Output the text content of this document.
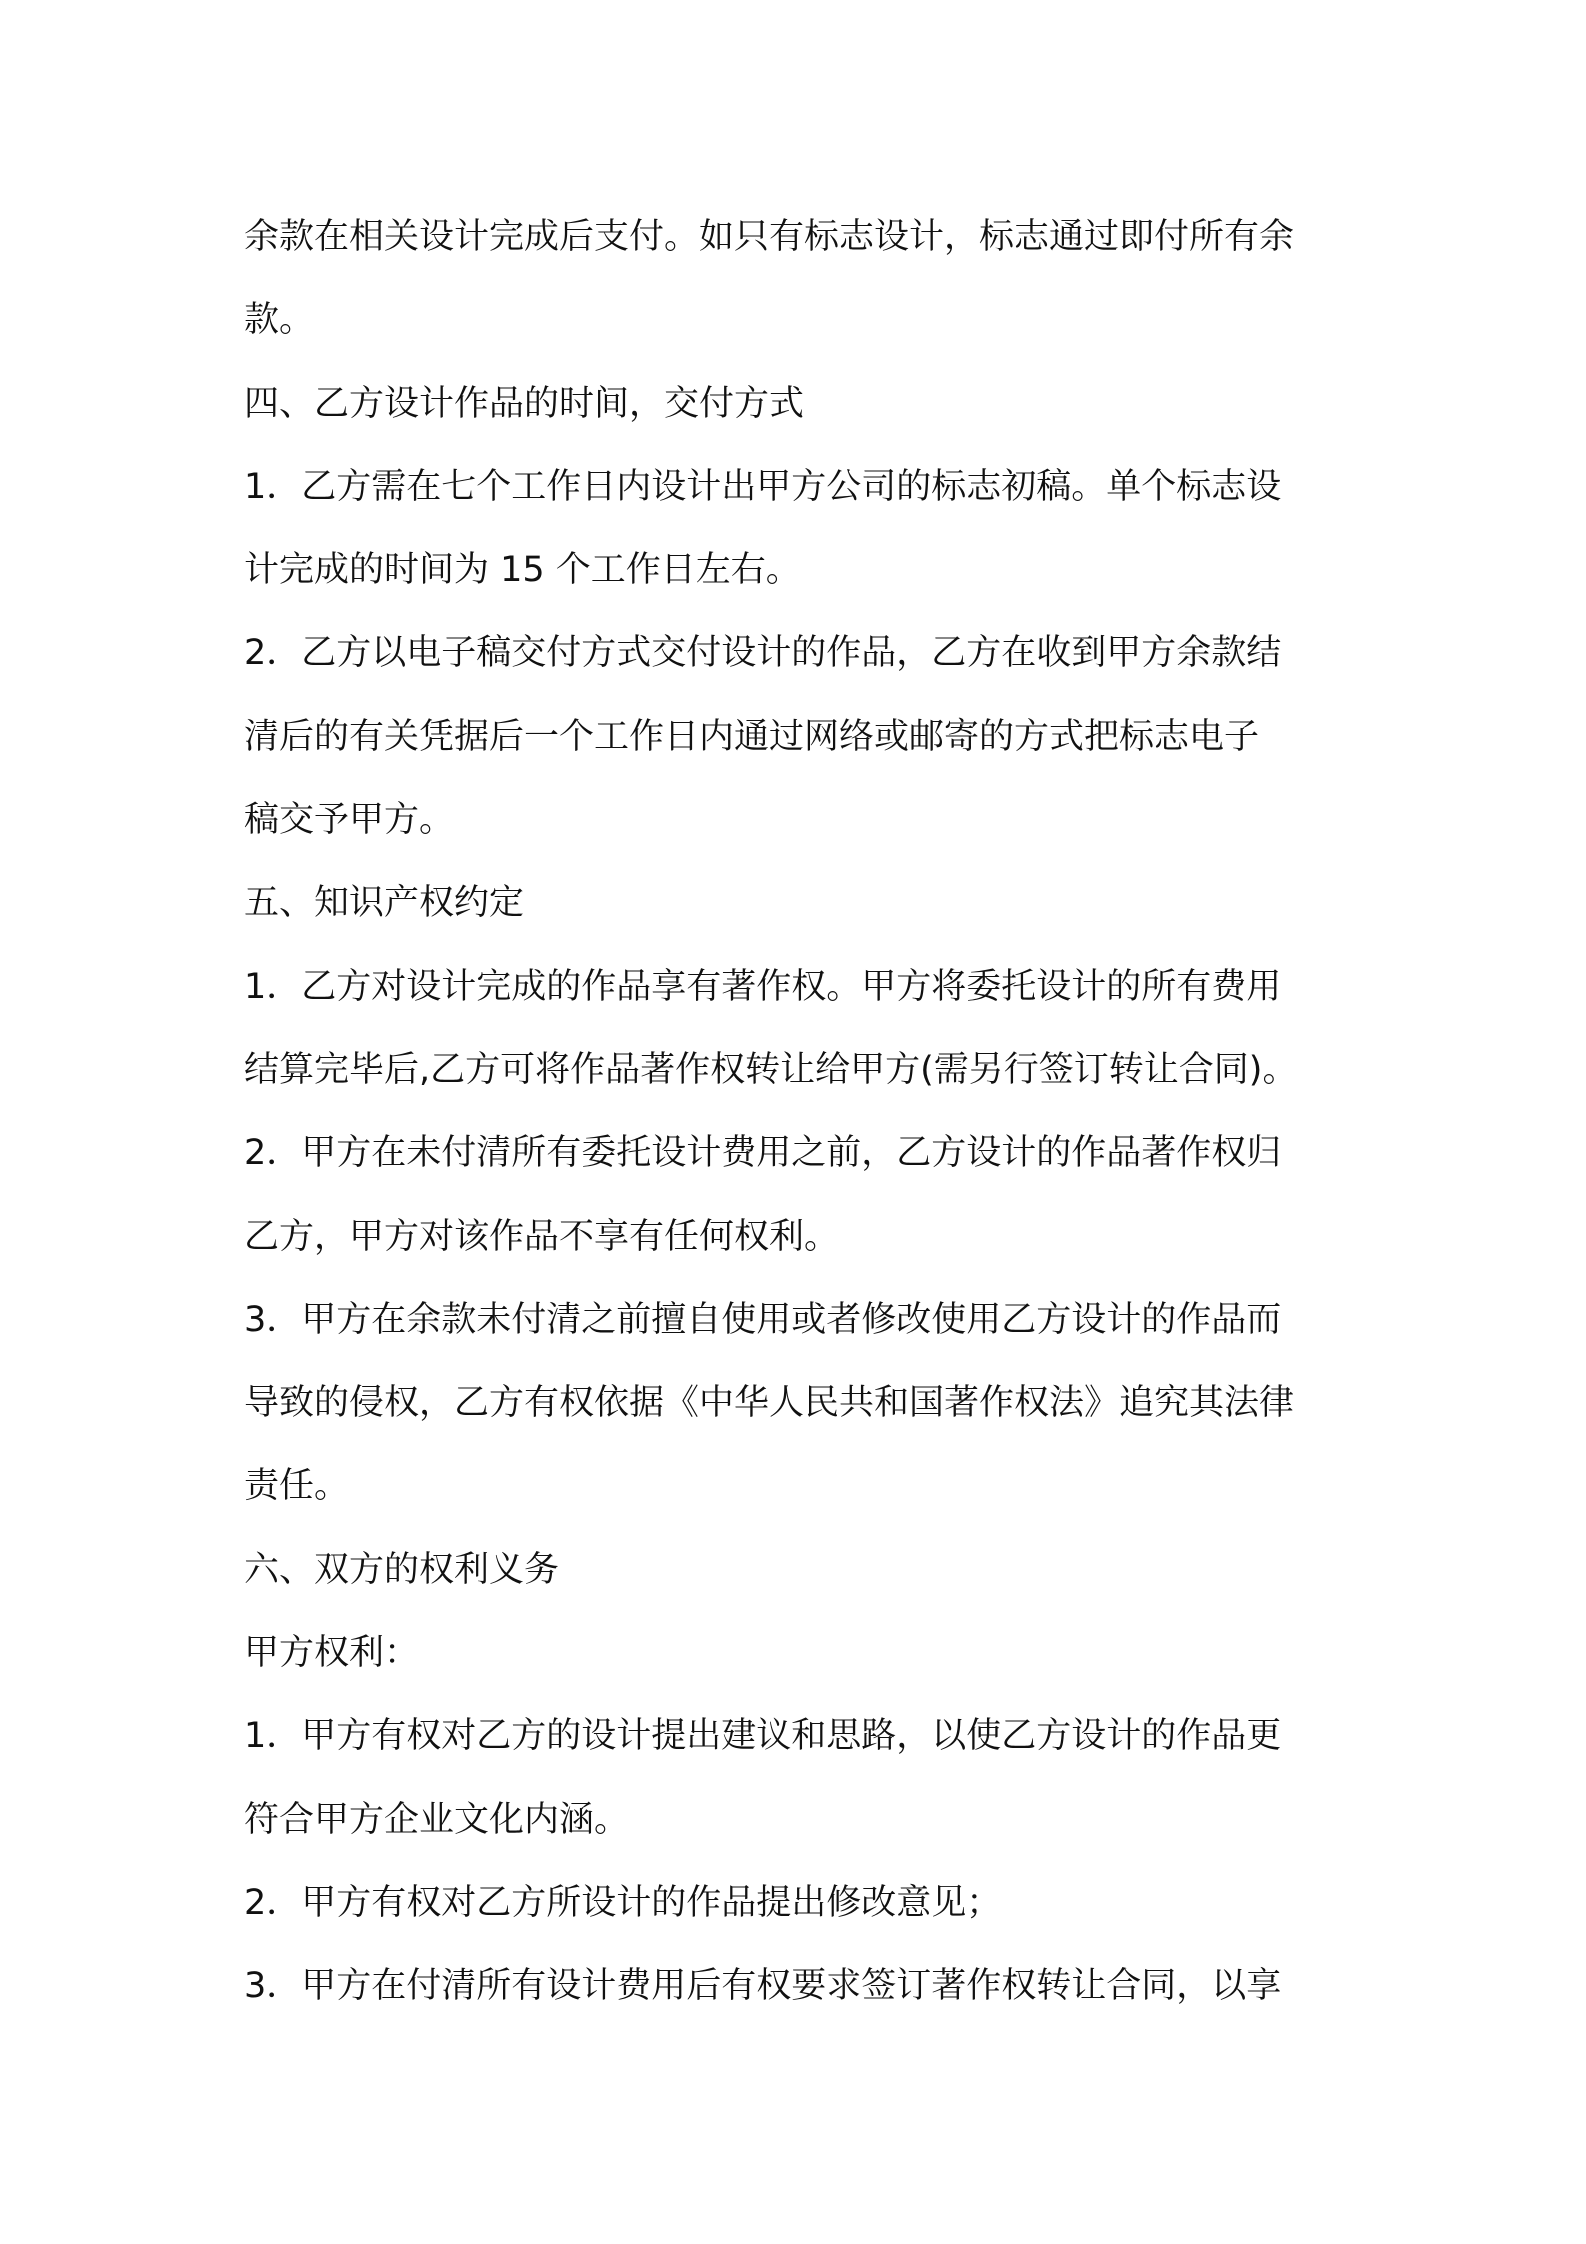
余款在相关设计完成后支付。如只有标志设计，标志通过即付所有余
款。
四、乙方设计作品的时间，交付方式
1．乙方需在七个工作日内设计出甲方公司的标志初稿。单个标志设
计完成的时间为 15 个工作日左右。
2．乙方以电子稿交付方式交付设计的作品，乙方在收到甲方余款结
清后的有关凭据后一个工作日内通过网络或邮寄的方式把标志电子
稿交予甲方。
五、知识产权约定
1．乙方对设计完成的作品享有著作权。甲方将委托设计的所有费用
结算完毕后,乙方可将作品著作权转让给甲方(需另行签订转让合同)。
2．甲方在未付清所有委托设计费用之前，乙方设计的作品著作权归
乙方，甲方对该作品不享有任何权利。
3．甲方在余款未付清之前擅自使用或者修改使用乙方设计的作品而
导致的侵权，乙方有权依据《中华人民共和国著作权法》追究其法律
责任。
六、双方的权利义务
甲方权利：
1．甲方有权对乙方的设计提出建议和思路，以使乙方设计的作品更
符合甲方企业文化内涵。
2．甲方有权对乙方所设计的作品提出修改意见；
3．甲方在付清所有设计费用后有权要求签订著作权转让合同，以享
